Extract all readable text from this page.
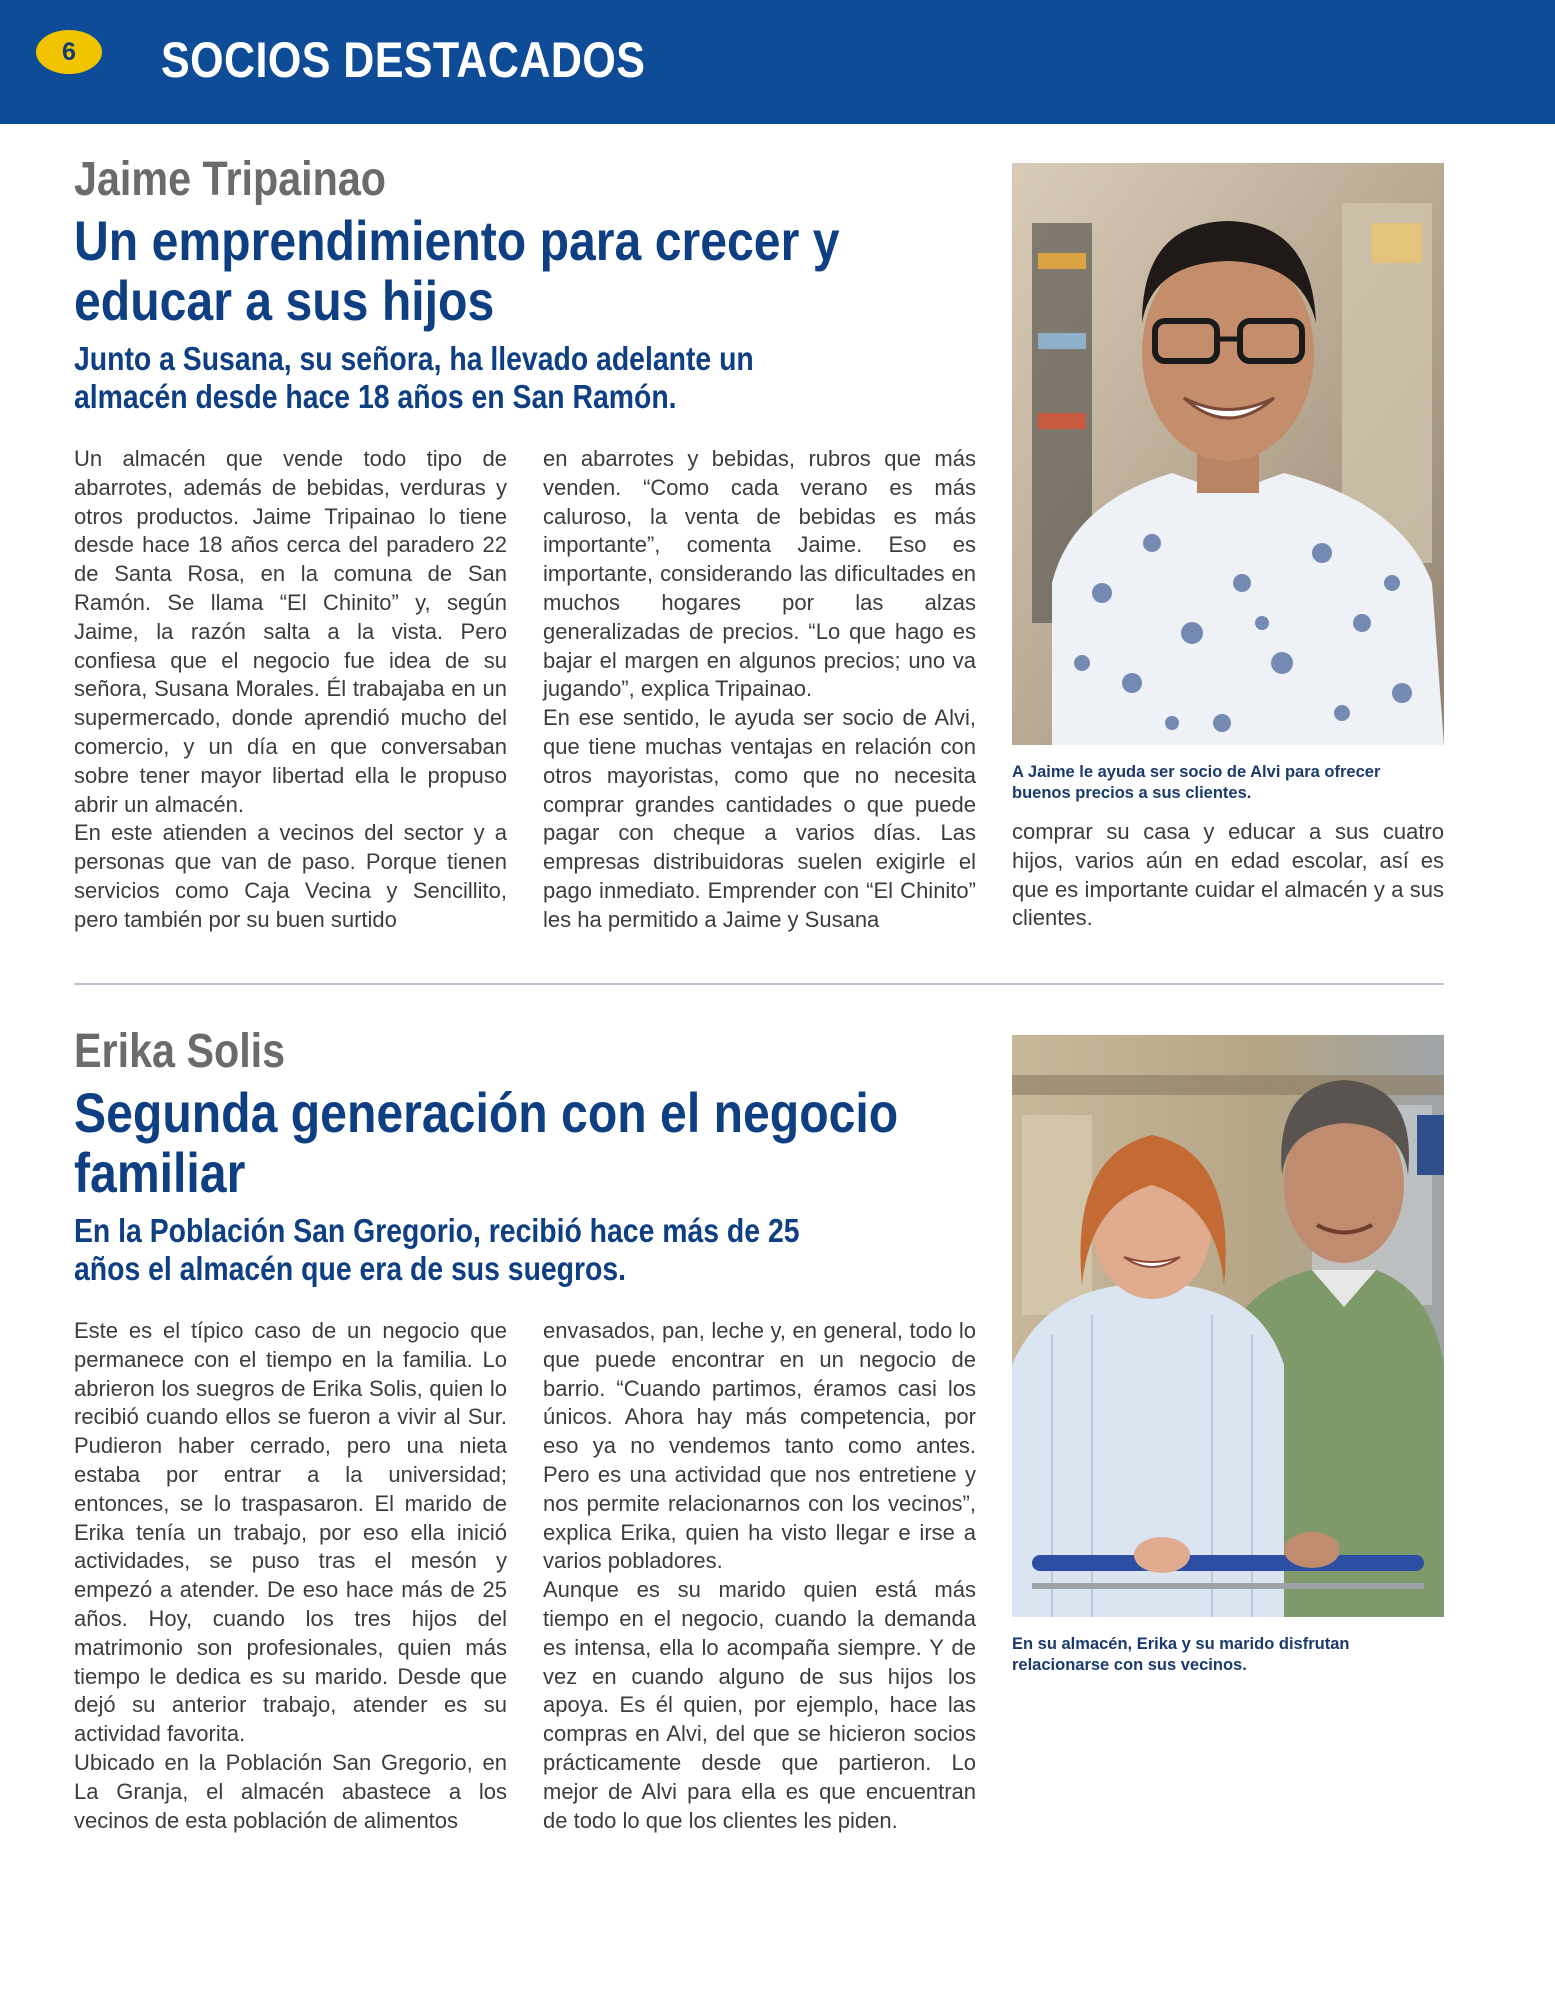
6	SOCIOS DESTACADOS
Jaime Tripainao
Un emprendimiento para crecer y educar a sus hijos

Junto a Susana, su señora, ha llevado adelante un almacén desde hace 18 años en San Ramón.

Un almacén que vende todo tipo de abarrotes, además de bebidas, verduras y otros productos. Jaime Tripainao lo tiene desde hace 18 años cerca del paradero 22 de Santa Rosa, en la comuna de San Ramón. Se llama “El Chinito” y, según Jaime, la razón salta a la vista. Pero confiesa que el negocio fue idea de su señora, Susana Morales. Él trabajaba en un supermercado, donde aprendió mucho del comercio, y un día en que conversaban sobre tener mayor libertad ella le propuso abrir un almacén.

En este atienden a vecinos del sector y a personas que van de paso. Porque tienen servicios como Caja Vecina y Sencillito, pero también por su buen surtido

en abarrotes y bebidas, rubros que más venden. “Como cada verano es más caluroso, la venta de bebidas es más importante”, comenta Jaime. Eso es importante, considerando las dificultades en muchos hogares por las alzas generalizadas de precios. “Lo que hago es bajar el margen en algunos precios; uno va jugando”, explica Tripainao.

En ese sentido, le ayuda ser socio de Alvi, que tiene muchas ventajas en relación con otros mayoristas, como que no necesita comprar grandes cantidades o que puede pagar con cheque a varios días. Las empresas distribuidoras suelen exigirle el pago inmediato. Emprender con “El Chinito” les ha permitido a Jaime y Susana

A Jaime le ayuda ser socio de Alvi para ofrecer buenos precios a sus clientes.

comprar su casa y educar a sus cuatro hijos, varios aún en edad escolar, así es que es importante cuidar el almacén y a sus clientes.

Erika Solis
Segunda generación con el negocio familiar

En la Población San Gregorio, recibió hace más de 25 años el almacén que era de sus suegros.

Este es el típico caso de un negocio que permanece con el tiempo en la familia. Lo abrieron los suegros de Erika Solis, quien lo recibió cuando ellos se fueron a vivir al Sur. Pudieron haber cerrado, pero una nieta estaba por entrar a la universidad; entonces, se lo traspasaron. El marido de Erika tenía un trabajo, por eso ella inició actividades, se puso tras el mesón y empezó a atender. De eso hace más de 25 años. Hoy, cuando los tres hijos del matrimonio son profesionales, quien más tiempo le dedica es su marido. Desde que dejó su anterior trabajo, atender es su actividad favorita.

Ubicado en la Población San Gregorio, en La Granja, el almacén abastece a los vecinos de esta población de alimentos

envasados, pan, leche y, en general, todo lo que puede encontrar en un negocio de barrio. “Cuando partimos, éramos casi los únicos. Ahora hay más competencia, por eso ya no vendemos tanto como antes. Pero es una actividad que nos entretiene y nos permite relacionarnos con los vecinos”, explica Erika, quien ha visto llegar e irse a varios pobladores.

Aunque es su marido quien está más tiempo en el negocio, cuando la demanda es intensa, ella lo acompaña siempre. Y de vez en cuando alguno de sus hijos los apoya. Es él quien, por ejemplo, hace las compras en Alvi, del que se hicieron socios prácticamente desde que partieron. Lo mejor de Alvi para ella es que encuentran de todo lo que los clientes les piden.

En su almacén, Erika y su marido disfrutan relacionarse con sus vecinos.
